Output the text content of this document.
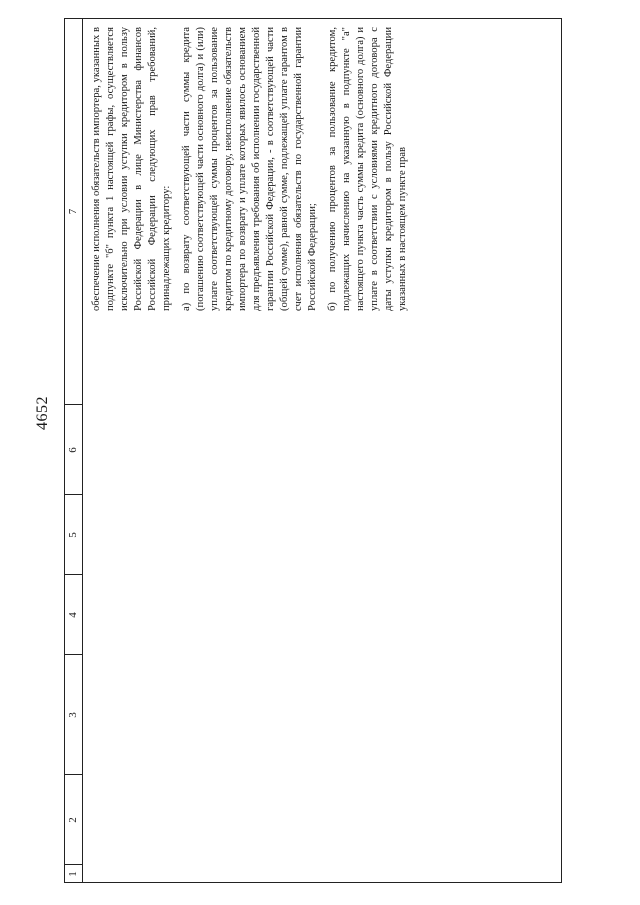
4652
1
2
3
4
5
6
7 обеспечение исполнения обязательств импортера, указанных в подпункте "б" пункта 1 настоящей графы, осуществляется исключительно при условии уступки кредитором в пользу Российской Федерации в лице Министерства финансов Российской Федерации следующих прав требований, принадлежащих кредитору: а) по возврату соответствующей части суммы кредита (погашению соответствующей части основного долга) и (или) уплате соответствующей суммы процентов за пользование кредитом по кредитному договору, неисполнение обязательств импортера по возврату и уплате которых явилось основанием для предъявления требования об исполнении государственной гарантии Российской Федерации, - в соответствующей части (общей сумме), равной сумме, подлежащей уплате гарантом в счет исполнения обязательств по государственной гарантии Российской Федерации; б) по получению процентов за пользование кредитом, подлежащих начислению на указанную в подпункте "а" настоящего пункта часть суммы кредита (основного долга) и уплате в соответствии с условиями кредитного договора с даты уступки кредитором в пользу Российской Федерации указанных в настоящем пункте прав
